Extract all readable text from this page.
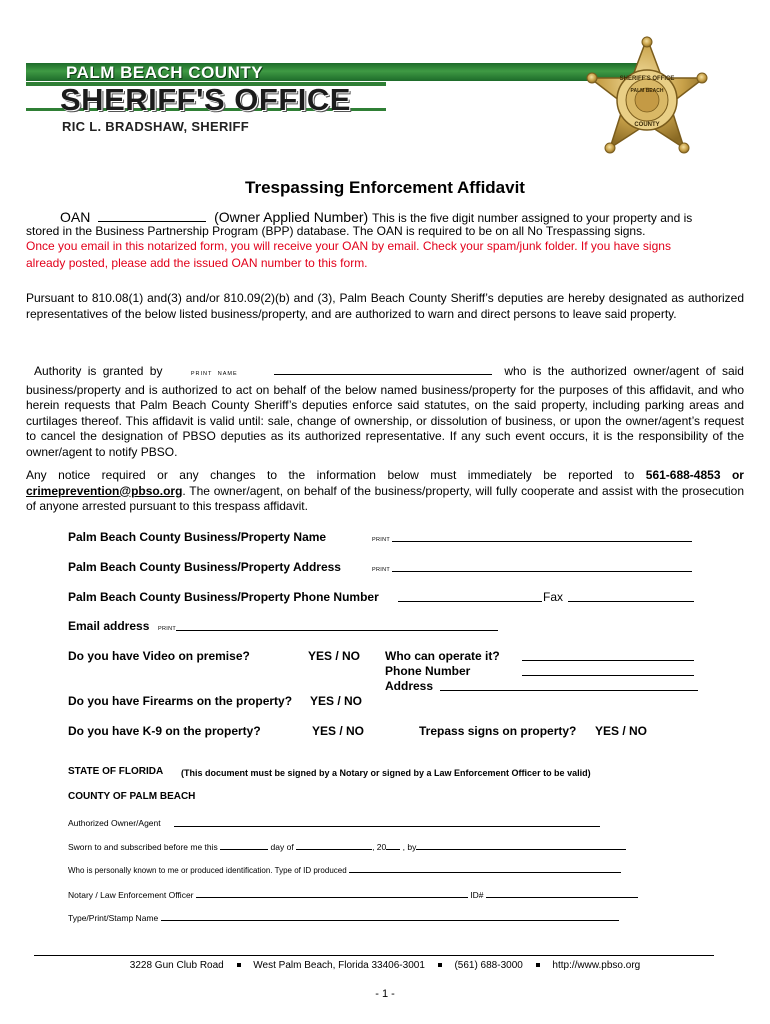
PALM BEACH COUNTY
SHERIFF'S OFFICE
RIC L. BRADSHAW, SHERIFF
SHERIFF'S OFFICE
PALM BEACH
COUNTY
Trespassing Enforcement Affidavit
OAN	(Owner Applied Number) This is the five digit number assigned to your property and is
stored in the Business Partnership Program (BPP) database. The OAN is required to be on all No Trespassing signs.
Once you email in this notarized form, you will receive your OAN by email. Check your spam/junk folder. If you have signs
already posted, please add the issued OAN number to this form.
Pursuant to 810.08(1) and(3) and/or 810.09(2)(b) and (3), Palm Beach County Sheriff’s deputies are hereby designated as authorized representatives of the below listed business/property, and are authorized to warn and direct persons to leave said property.
Authority is granted by	PRINT NAME	who is the authorized owner/agent of said business/property and is authorized to act on behalf of the below named business/property for the purposes of this affidavit, and who herein requests that Palm Beach County Sheriff’s deputies enforce said statutes, on the said property, including parking areas and curtilages thereof. This affidavit is valid until: sale, change of ownership, or dissolution of business, or upon the owner/agent’s request to cancel the designation of PBSO deputies as its authorized representative. If any such event occurs, it is the responsibility of the owner/agent to notify PBSO.
Any notice required or any changes to the information below must immediately be reported to 561-688-4853 or crimeprevention@pbso.org. The owner/agent, on behalf of the business/property, will fully cooperate and assist with the prosecution of anyone arrested pursuant to this trespass affidavit.
Palm Beach County Business/Property Name	PRINT
Palm Beach County Business/Property Address	PRINT
Palm Beach County Business/Property Phone Number	Fax
Email address PRINT
Do you have Video on premise?	YES / NO Who can operate it?
Phone Number
Address
Do you have Firearms on the property? YES / NO
Do you have K-9 on the property?	YES / NO	Trepass signs on property? YES / NO
STATE OF FLORIDA (This document must be signed by a Notary or signed by a Law Enforcement Officer to be valid)
COUNTY OF PALM BEACH
Authorized Owner/Agent
Sworn to and subscribed before me this	day of	, 20 , by
Who is personally known to me or produced identification. Type of ID produced
Notary / Law Enforcement Officer	ID#
Type/Print/Stamp Name
3228 Gun Club Road	West Palm Beach, Florida 33406-3001	(561) 688-3000	http://www.pbso.org
- 1 -
